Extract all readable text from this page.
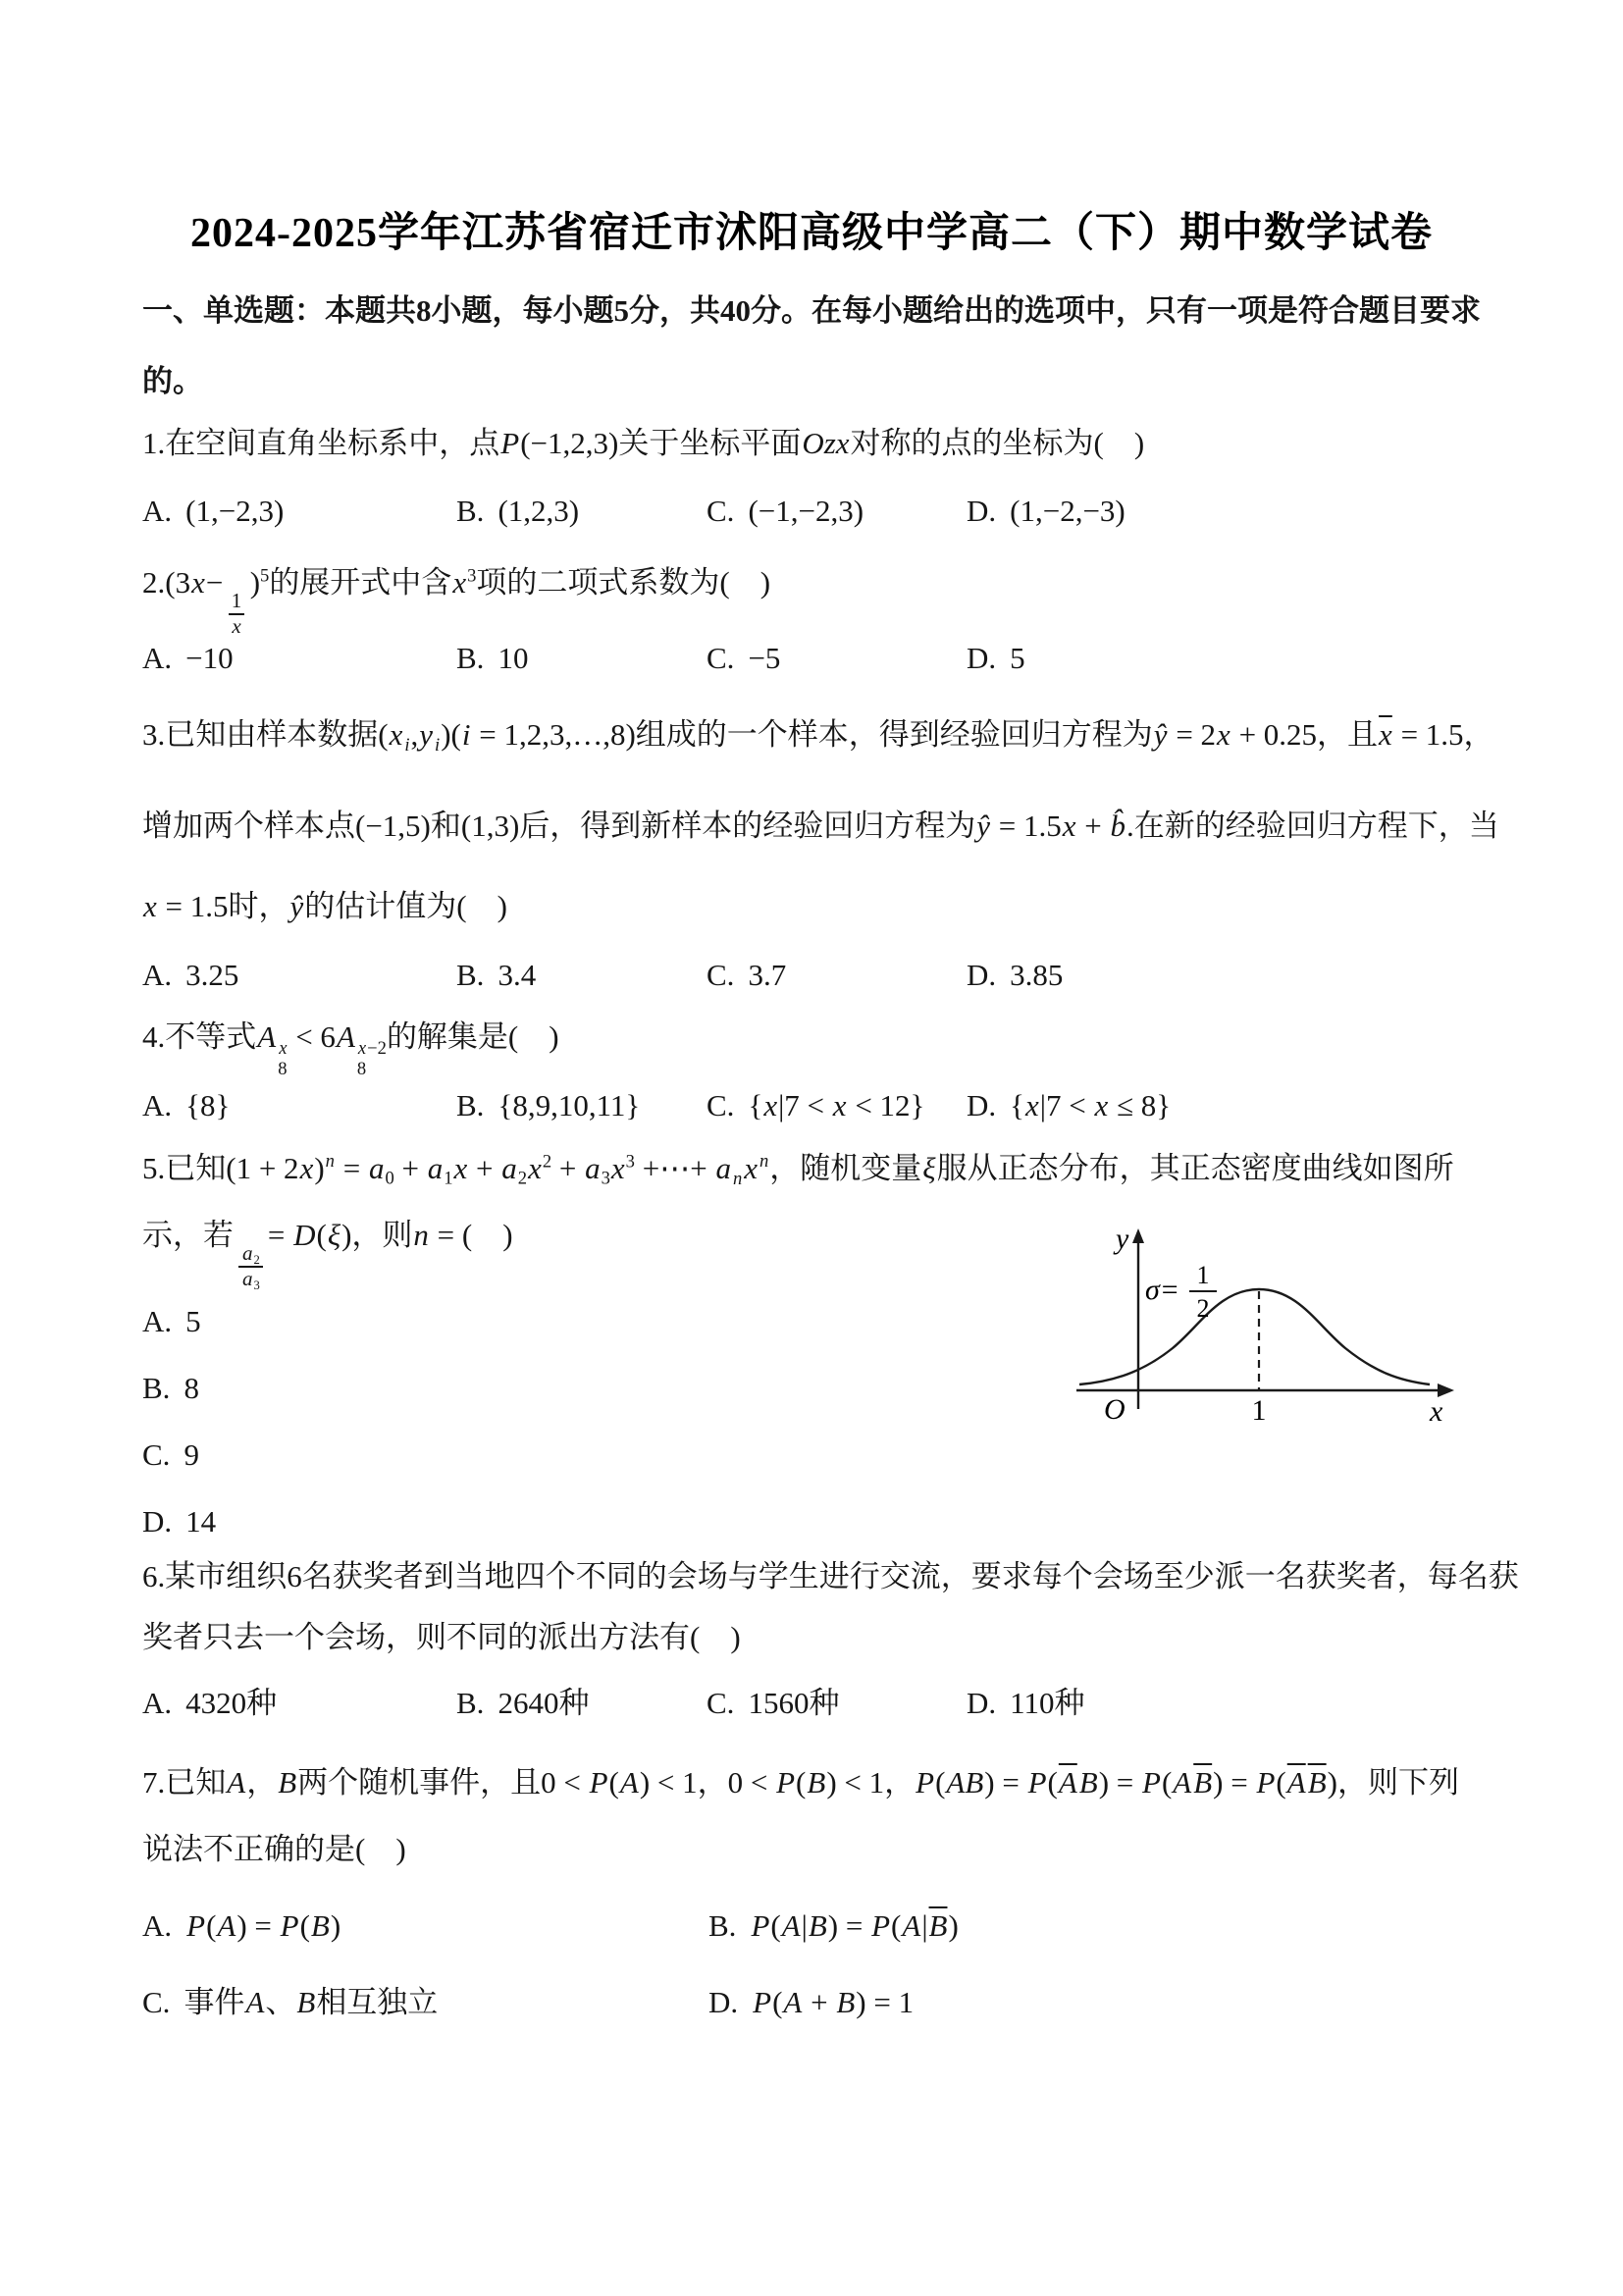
2024-2025学年江苏省宿迁市沭阳高级中学高二（下）期中数学试卷
一、单选题：本题共8小题，每小题5分，共40分。在每小题给出的选项中，只有一项是符合题目要求
的。
1.在空间直角坐标系中，点P(−1,2,3)关于坐标平面Ozx对称的点的坐标为(　)
A. (1,−2,3)	B. (1,2,3)	C. (−1,−2,3)	D. (1,−2,−3)
2.(3x−
$\frac{1}{x}$
)$^5$的展开式中含$x^3$项的二项式系数为(　)
A. −10	B. 10	C. −5	D. 5
3.已知由样本数据(x $_i$,y $_i$)(i = 1,2,3,…,8)组成的一个样本，得到经验回归方程为ŷ = 2x + 0.25，且$\overline{x} = 1.5$，
增加两个样本点(−1,5)和(1,3)后，得到新样本的经验回归方程为ŷ = 1.5x + b̂.在新的经验回归方程下，当
x = 1.5时，ŷ的估计值为(　)
A. 3.25	B. 3.4	C. 3.7	D. 3.85
4.不等式A x
8
< 6A x−2
8
的解集是(　)
A. {8}	B. {8,9,10,11} C. {x|7 < x < 12} D. {x|7 < x ≤ 8}
5.已知$(1 + 2x)^n = a_0 + a_1x + a_2x^2 + a_3x^3$ +⋯+ a $_n$x $^n$，随机变量ξ服从正态分布，其正态密度曲线如图所
示，若
$\frac{a_2}{a_3}$
= D(ξ)，则n = (　)
A. 5
B. 8
C. 9
D. 14
6.某市组织6名获奖者到当地四个不同的会场与学生进行交流，要求每个会场至少派一名获奖者，每名获
奖者只去一个会场，则不同的派出方法有(　)
A. 4320种	B. 2640种	C. 1560种	D. 110种
7.已知A，B两个随机事件，且0 < P(A) < 1，0 < P(B) < 1，$P(AB) = P(\overline{A}B) = P(A\overline{B}) = P(\overline{A}\overline{B})$，则下列
说法不正确的是(　)
A. P(A) = P(B)	B. $P(A|B) = P(A|\overline{B})$
C. 事件A、B相互独立	D. P(A + B) = 1
y
x
O	1
σ= 1
2
